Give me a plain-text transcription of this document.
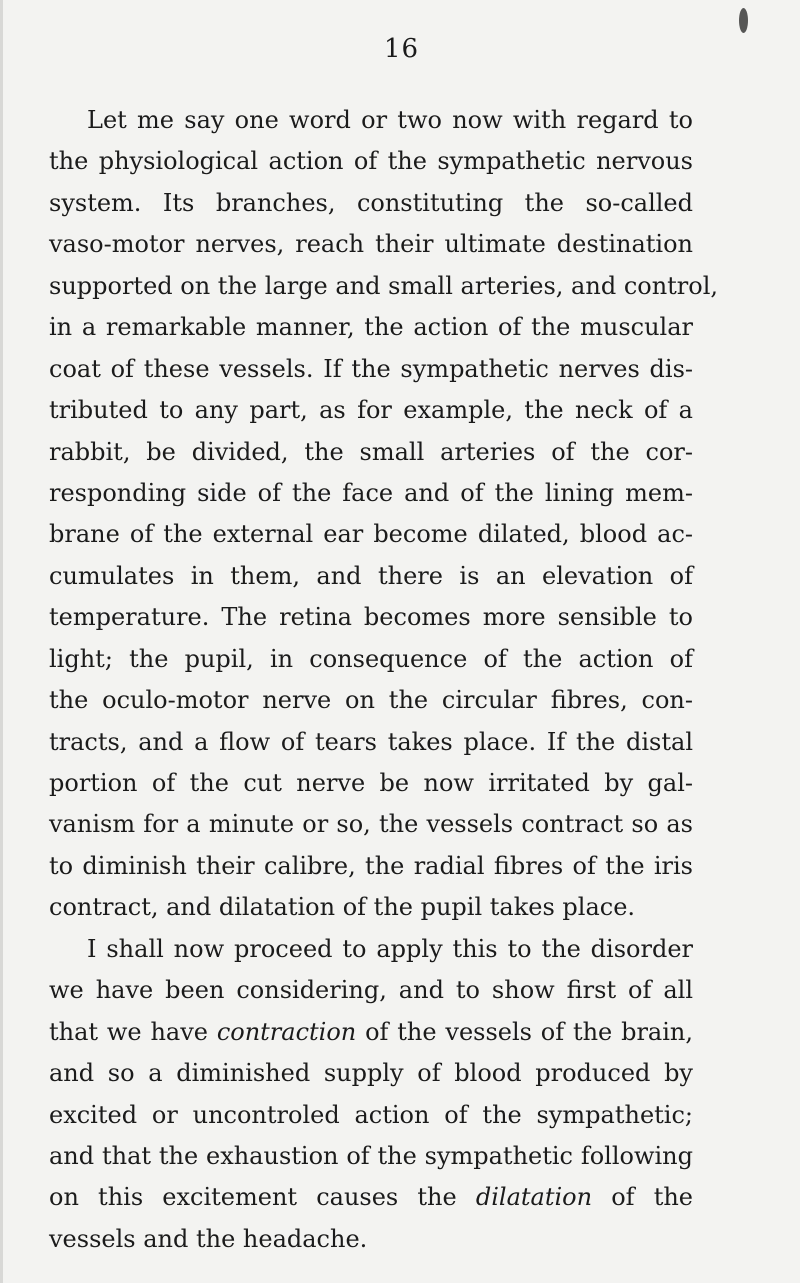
16
Let me say one word or two now with regard to
the physiological action of the sympathetic nervous
system. Its branches, constituting the so-called
vaso-motor nerves, reach their ultimate destination
supported on the large and small arteries, and control,
in a remarkable manner, the action of the muscular
coat of these vessels. If the sympathetic nerves dis-
tributed to any part, as for example, the neck of a
rabbit, be divided, the small arteries of the cor-
responding side of the face and of the lining mem-
brane of the external ear become dilated, blood ac-
cumulates in them, and there is an elevation of
temperature. The retina becomes more sensible to
light; the pupil, in consequence of the action of
the oculo-motor nerve on the circular fibres, con-
tracts, and a flow of tears takes place. If the distal
portion of the cut nerve be now irritated by gal-
vanism for a minute or so, the vessels contract so as
to diminish their calibre, the radial fibres of the iris
contract, and dilatation of the pupil takes place.
I shall now proceed to apply this to the disorder
we have been considering, and to show first of all
that we have contraction of the vessels of the brain,
and so a diminished supply of blood produced by
excited or uncontroled action of the sympathetic;
and that the exhaustion of the sympathetic following
on this excitement causes the dilatation of the
vessels and the headache.
